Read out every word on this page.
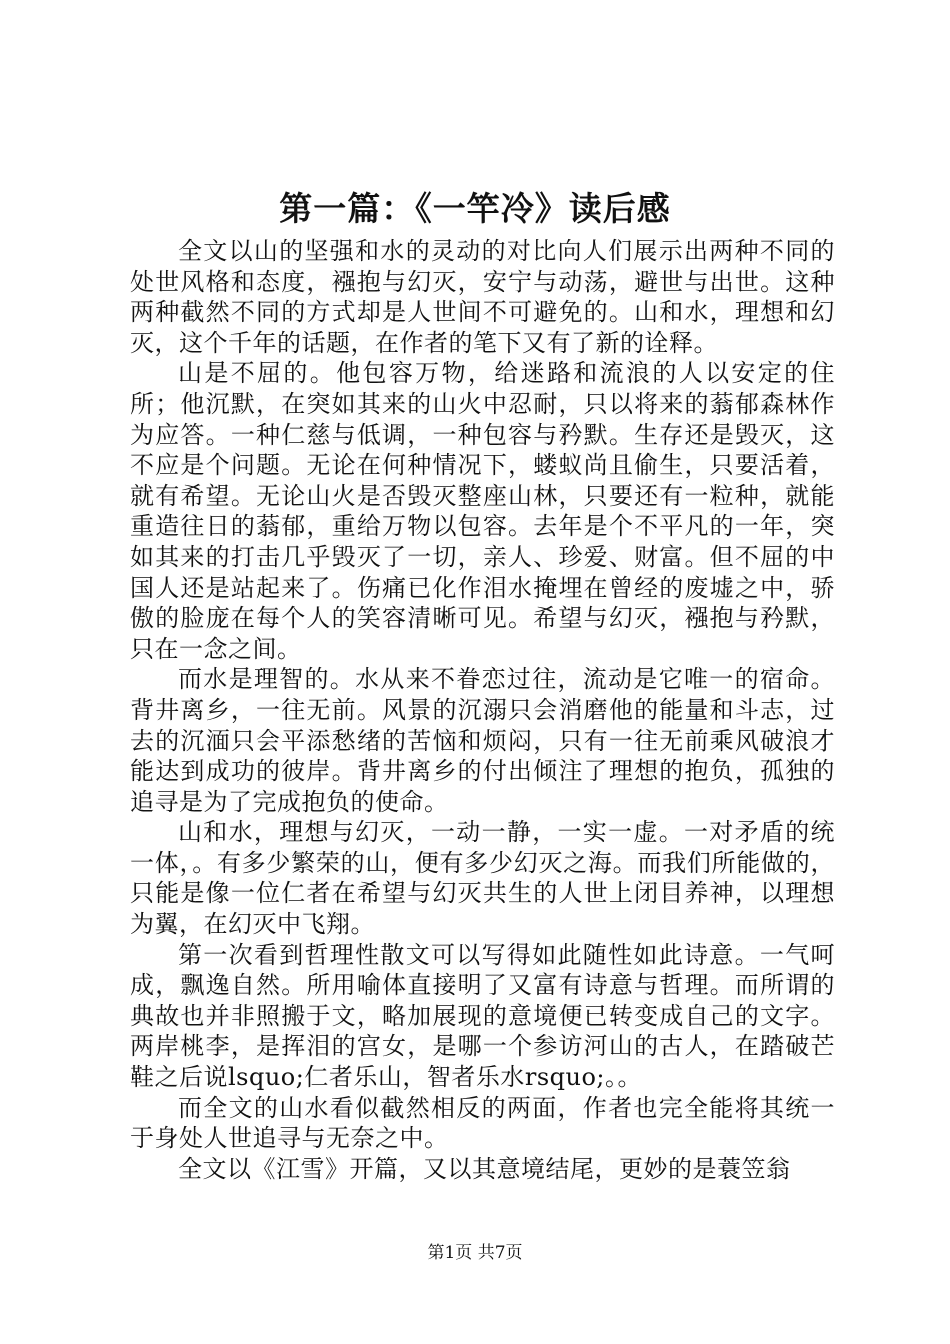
第一篇：《一竿冷》读后感

全文以山的坚强和水的灵动的对比向人们展示出两种不同的处世风格和态度，襁抱与幻灭，安宁与动荡，避世与出世。这种两种截然不同的方式却是人世间不可避免的。山和水，理想和幻灭，这个千年的话题，在作者的笔下又有了新的诠释。

山是不屈的。他包容万物，给迷路和流浪的人以安定的住所；他沉默，在突如其来的山火中忍耐，只以将来的蓊郁森林作为应答。一种仁慈与低调，一种包容与矜默。生存还是毁灭，这不应是个问题。无论在何种情况下，蝼蚁尚且偷生，只要活着，就有希望。无论山火是否毁灭整座山林，只要还有一粒种，就能重造往日的蓊郁，重给万物以包容。去年是个不平凡的一年，突如其来的打击几乎毁灭了一切，亲人、珍爱、财富。但不屈的中国人还是站起来了。伤痛已化作泪水掩埋在曾经的废墟之中，骄傲的脸庞在每个人的笑容清晰可见。希望与幻灭，襁抱与矜默，只在一念之间。

而水是理智的。水从来不眷恋过往，流动是它唯一的宿命。背井离乡，一往无前。风景的沉溺只会消磨他的能量和斗志，过去的沉湎只会平添愁绪的苦恼和烦闷，只有一往无前乘风破浪才能达到成功的彼岸。背井离乡的付出倾注了理想的抱负，孤独的追寻是为了完成抱负的使命。

山和水，理想与幻灭，一动一静，一实一虚。一对矛盾的统一体，。有多少繁荣的山，便有多少幻灭之海。而我们所能做的，只能是像一位仁者在希望与幻灭共生的人世上闭目养神，以理想为翼，在幻灭中飞翔。

第一次看到哲理性散文可以写得如此随性如此诗意。一气呵成，飘逸自然。所用喻体直接明了又富有诗意与哲理。而所谓的典故也并非照搬于文，略加展现的意境便已转变成自己的文字。两岸桃李，是挥泪的宫女，是哪一个参访河山的古人，在踏破芒鞋之后说lsquo;仁者乐山，智者乐水rsquo;。。

而全文的山水看似截然相反的两面，作者也完全能将其统一于身处人世追寻与无奈之中。

全文以《江雪》开篇，又以其意境结尾，更妙的是蓑笠翁

第1页 共7页
